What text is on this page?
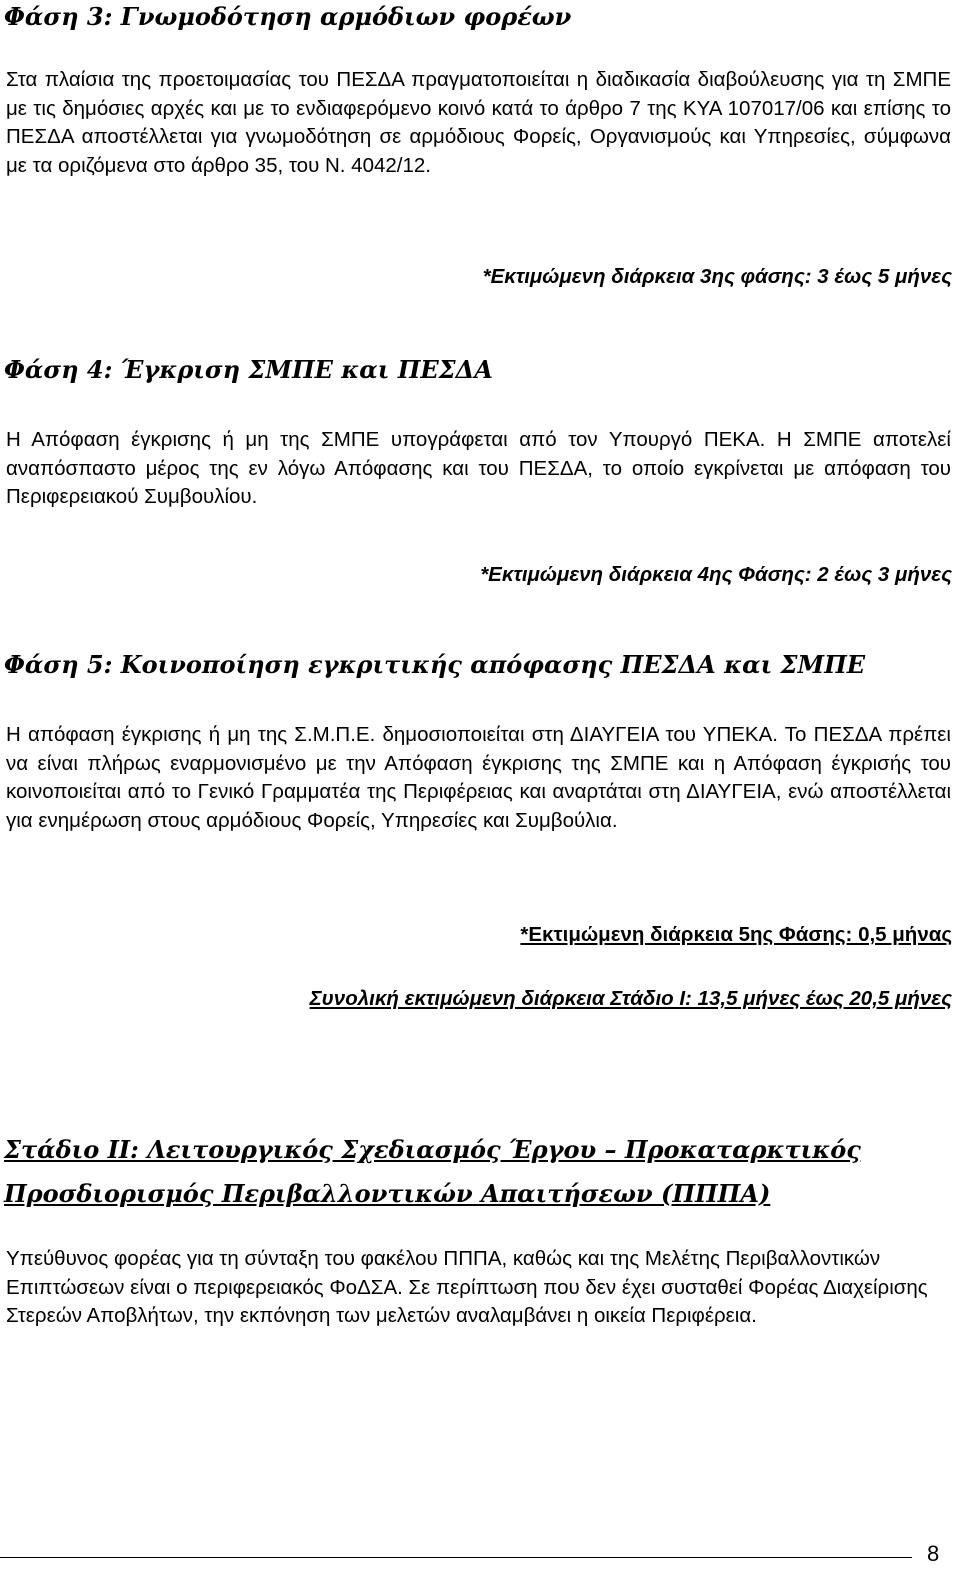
Φάση 3: Γνωμοδότηση αρμόδιων φορέων
Στα πλαίσια της προετοιμασίας του ΠΕΣΔΑ πραγματοποιείται η διαδικασία διαβούλευσης για τη ΣΜΠΕ με τις δημόσιες αρχές και με το ενδιαφερόμενο κοινό κατά το άρθρο 7 της ΚΥΑ 107017/06 και επίσης το ΠΕΣΔΑ αποστέλλεται για γνωμοδότηση σε αρμόδιους Φορείς, Οργανισμούς και Υπηρεσίες, σύμφωνα με τα οριζόμενα στο άρθρο 35, του Ν. 4042/12.
*Εκτιμώμενη διάρκεια 3ης φάσης: 3 έως 5 μήνες
Φάση 4: Έγκριση ΣΜΠΕ και ΠΕΣΔΑ
Η Απόφαση έγκρισης ή μη της ΣΜΠΕ υπογράφεται από τον Υπουργό ΠΕΚΑ. Η ΣΜΠΕ αποτελεί αναπόσπαστο μέρος της εν λόγω Απόφασης και του ΠΕΣΔΑ, το οποίο εγκρίνεται με απόφαση του Περιφερειακού Συμβουλίου.
*Εκτιμώμενη διάρκεια 4ης Φάσης: 2 έως 3 μήνες
Φάση 5: Κοινοποίηση εγκριτικής απόφασης ΠΕΣΔΑ και ΣΜΠΕ
Η απόφαση έγκρισης ή μη της Σ.Μ.Π.Ε. δημοσιοποιείται στη ΔΙΑΥΓΕΙΑ του ΥΠΕΚΑ. Το ΠΕΣΔΑ πρέπει να είναι πλήρως εναρμονισμένο με την Απόφαση έγκρισης της ΣΜΠΕ και η Απόφαση έγκρισής του κοινοποιείται από το Γενικό Γραμματέα της Περιφέρειας και αναρτάται στη ΔΙΑΥΓΕΙΑ, ενώ αποστέλλεται για ενημέρωση στους αρμόδιους Φορείς, Υπηρεσίες και Συμβούλια.
*Εκτιμώμενη διάρκεια 5ης Φάσης: 0,5 μήνας
Συνολική εκτιμώμενη διάρκεια Στάδιο Ι: 13,5 μήνες έως 20,5 μήνες
Στάδιο ΙΙ: Λειτουργικός Σχεδιασμός Έργου – Προκαταρκτικός Προσδιορισμός Περιβαλλοντικών Απαιτήσεων (ΠΠΠΑ)
Υπεύθυνος φορέας για τη σύνταξη του φακέλου ΠΠΠΑ, καθώς και της Μελέτης Περιβαλλοντικών Επιπτώσεων είναι ο περιφερειακός ΦοΔΣΑ. Σε περίπτωση που δεν έχει συσταθεί Φορέας Διαχείρισης Στερεών Αποβλήτων, την εκπόνηση των μελετών αναλαμβάνει η οικεία Περιφέρεια.
8
